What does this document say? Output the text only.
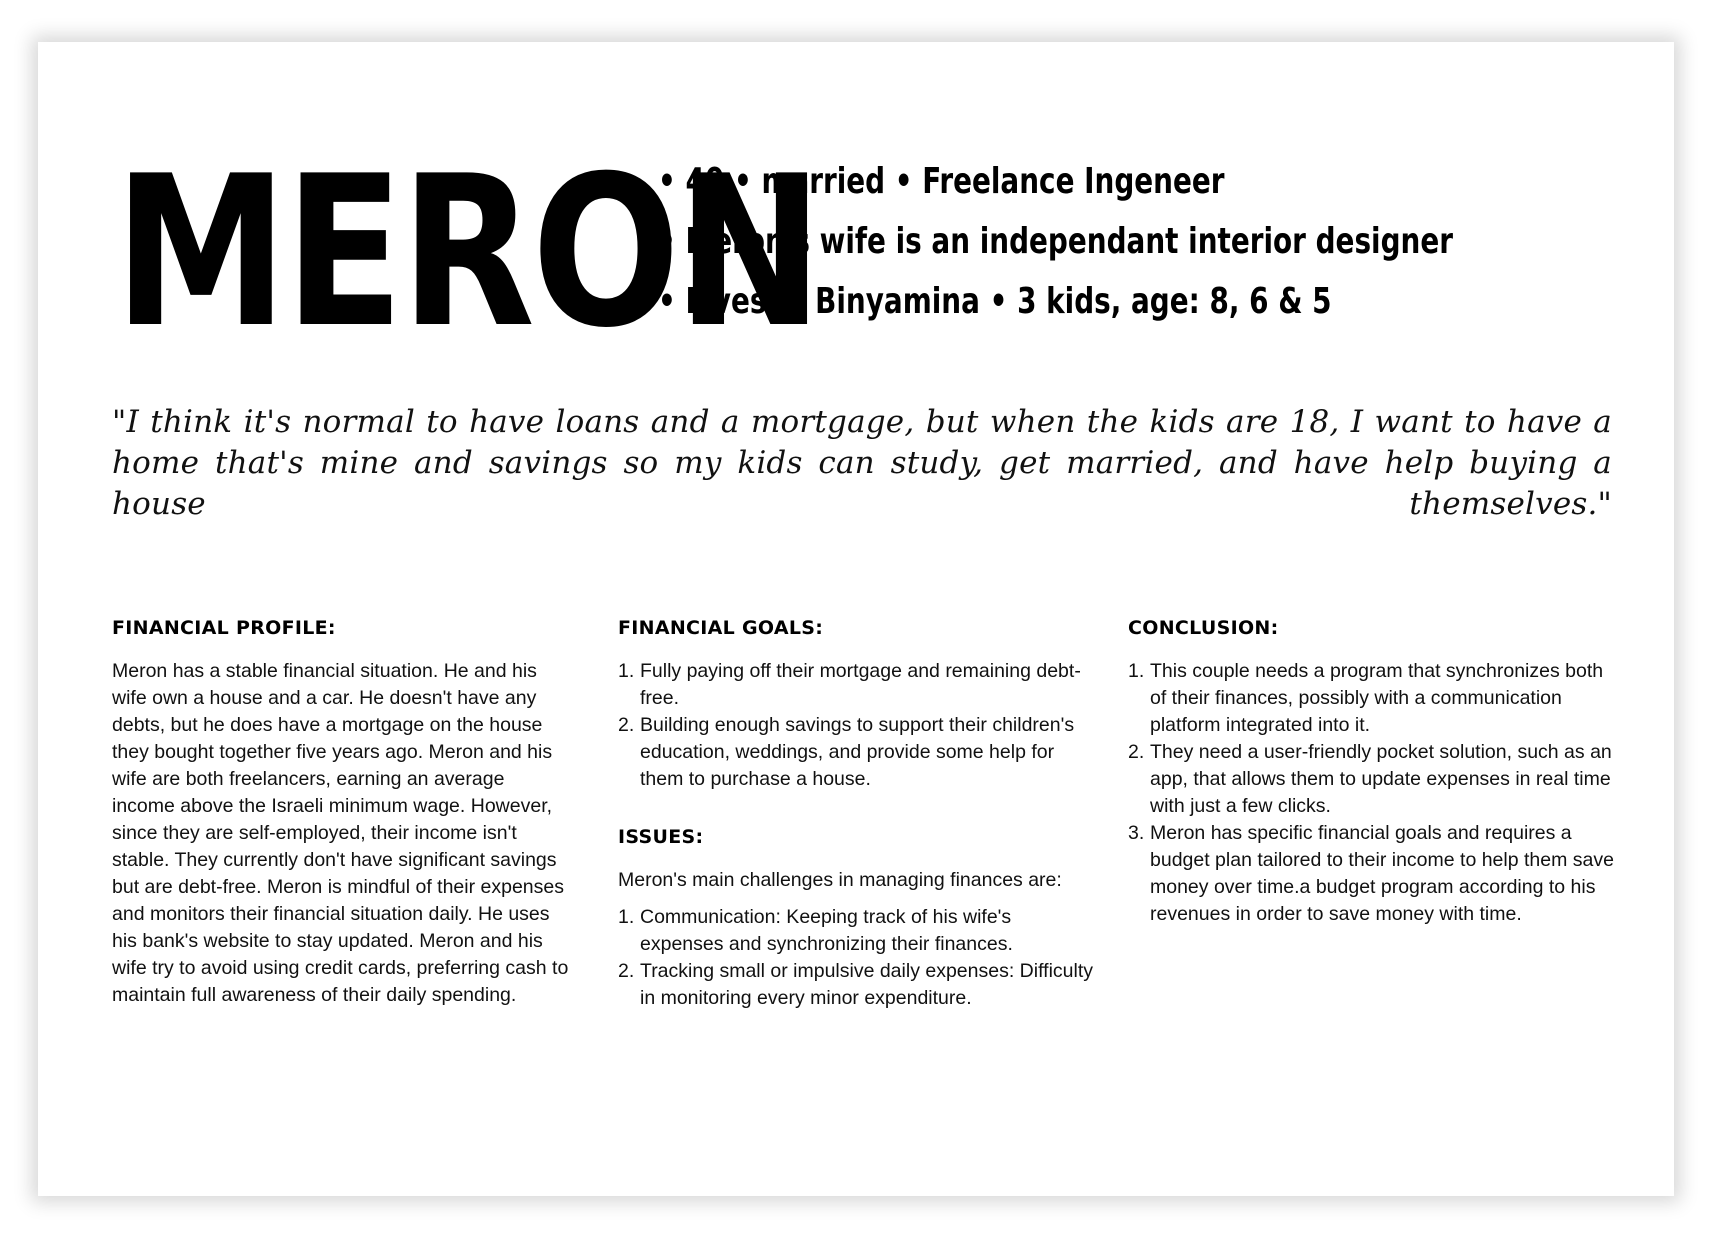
MERON
• 40 • married • Freelance Ingeneer
• Meron's wife is an independant interior designer
• Lives in Binyamina • 3 kids, age: 8, 6 & 5

"I think it's normal to have loans and a mortgage, but when the kids are 18, I want to have a home that's mine and savings so my kids can study, get married, and have help buying a house themselves."

FINANCIAL PROFILE:

Meron has a stable financial situation. He and his wife own a house and a car. He doesn't have any debts, but he does have a mortgage on the house they bought together five years ago. Meron and his wife are both freelancers, earning an average income above the Israeli minimum wage. However, since they are self-employed, their income isn't stable. They currently don't have significant savings but are debt-free. Meron is mindful of their expenses and monitors their financial situation daily. He uses his bank's website to stay updated. Meron and his wife try to avoid using credit cards, preferring cash to maintain full awareness of their daily spending.

FINANCIAL GOALS:
1. Fully paying off their mortgage and remaining debt-free.
2. Building enough savings to support their children's education, weddings, and provide some help for them to purchase a house.
ISSUES:

Meron's main challenges in managing finances are:

1. Communication: Keeping track of his wife's expenses and synchronizing their finances.
2. Tracking small or impulsive daily expenses: Difficulty in monitoring every minor expenditure.
CONCLUSION:
1. This couple needs a program that synchronizes both of their finances, possibly with a communication platform integrated into it.
2. They need a user-friendly pocket solution, such as an app, that allows them to update expenses in real time with just a few clicks.
3. Meron has specific financial goals and requires a budget plan tailored to their income to help them save money over time.a budget program according to his revenues in order to save money with time.
